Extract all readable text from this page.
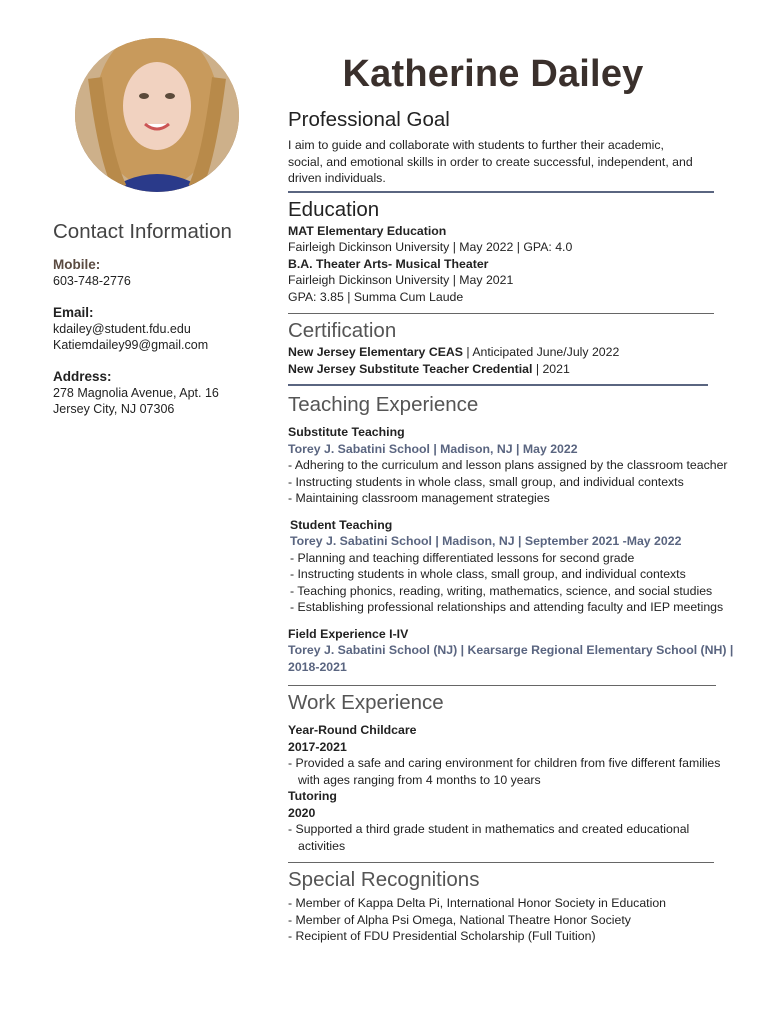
Contact Information
Mobile:
603-748-2776
Email:
kdailey@student.fdu.edu
Katiemdailey99@gmail.com
Address:
278 Magnolia Avenue, Apt. 16
Jersey City, NJ 07306
Katherine Dailey
Professional Goal
I aim to guide and collaborate with students to further their academic, social, and emotional skills in order to create successful, independent, and driven individuals.
Education
MAT Elementary Education
Fairleigh Dickinson University | May 2022 | GPA: 4.0
B.A. Theater Arts- Musical Theater
Fairleigh Dickinson University | May 2021
GPA: 3.85 | Summa Cum Laude
Certification
New Jersey Elementary CEAS | Anticipated June/July 2022
New Jersey Substitute Teacher Credential | 2021
Teaching Experience
Substitute Teaching
Torey J. Sabatini School | Madison, NJ | May 2022
- Adhering to the curriculum and lesson plans assigned by the classroom teacher
- Instructing students in whole class, small group, and individual contexts
- Maintaining classroom management strategies
Student Teaching
Torey J. Sabatini School | Madison, NJ | September 2021 -May 2022
- Planning and teaching differentiated lessons for second grade
- Instructing students in whole class, small group, and individual contexts
- Teaching phonics, reading, writing, mathematics, science, and social studies
- Establishing professional relationships and attending faculty and IEP meetings
Field Experience I-IV
Torey J. Sabatini School (NJ) | Kearsarge Regional Elementary School (NH) | 2018-2021
Work Experience
Year-Round Childcare
2017-2021
- Provided a safe and caring environment for children from five different families with ages ranging from 4 months to 10 years
Tutoring
2020
- Supported a third grade student in mathematics and created educational activities
Special Recognitions
- Member of Kappa Delta Pi, International Honor Society in Education
- Member of Alpha Psi Omega, National Theatre Honor Society
- Recipient of FDU Presidential Scholarship (Full Tuition)
